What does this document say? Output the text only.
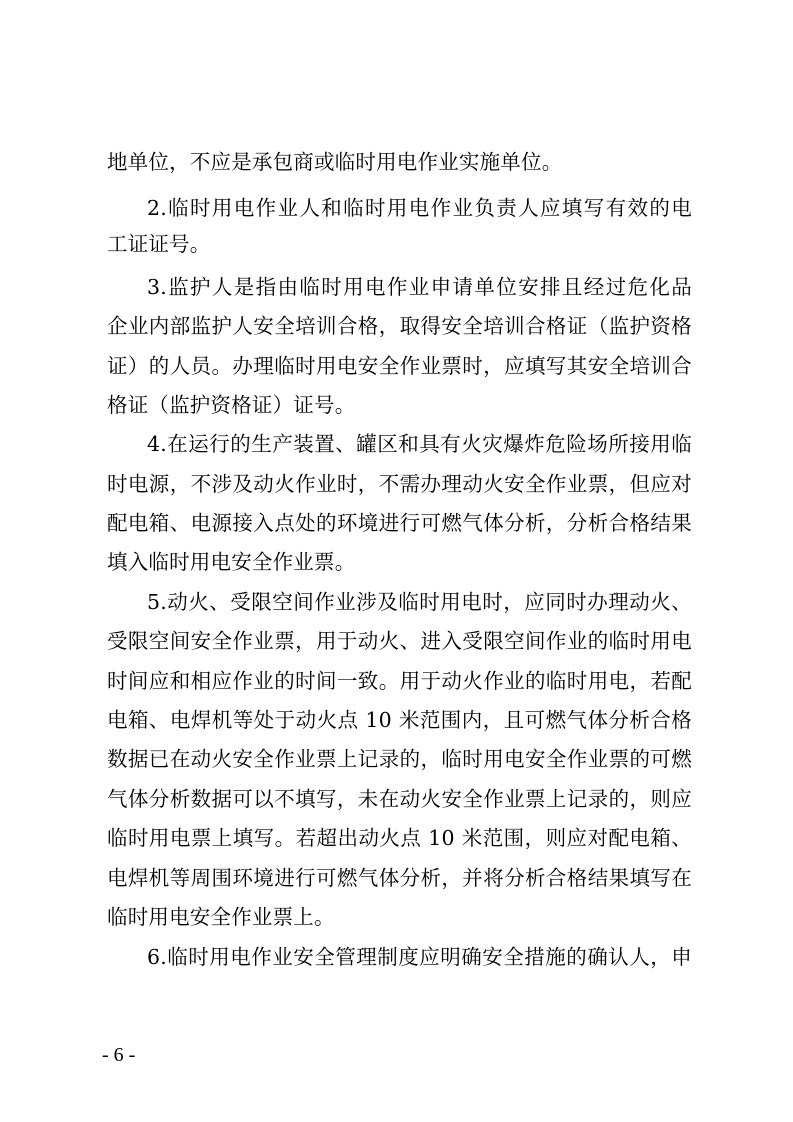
地单位，不应是承包商或临时用电作业实施单位。
2.临时用电作业人和临时用电作业负责人应填写有效的电
工证证号。
3.监护人是指由临时用电作业申请单位安排且经过危化品
企业内部监护人安全培训合格，取得安全培训合格证（监护资格
证）的人员。办理临时用电安全作业票时，应填写其安全培训合
格证（监护资格证）证号。
4.在运行的生产装置、罐区和具有火灾爆炸危险场所接用临
时电源，不涉及动火作业时，不需办理动火安全作业票，但应对
配电箱、电源接入点处的环境进行可燃气体分析，分析合格结果
填入临时用电安全作业票。
5.动火、受限空间作业涉及临时用电时，应同时办理动火、
受限空间安全作业票，用于动火、进入受限空间作业的临时用电
时间应和相应作业的时间一致。用于动火作业的临时用电，若配
电箱、电焊机等处于动火点 10 米范围内，且可燃气体分析合格
数据已在动火安全作业票上记录的，临时用电安全作业票的可燃
气体分析数据可以不填写，未在动火安全作业票上记录的，则应
临时用电票上填写。若超出动火点 10 米范围，则应对配电箱、
电焊机等周围环境进行可燃气体分析，并将分析合格结果填写在
临时用电安全作业票上。
6.临时用电作业安全管理制度应明确安全措施的确认人，申
- 6 -
